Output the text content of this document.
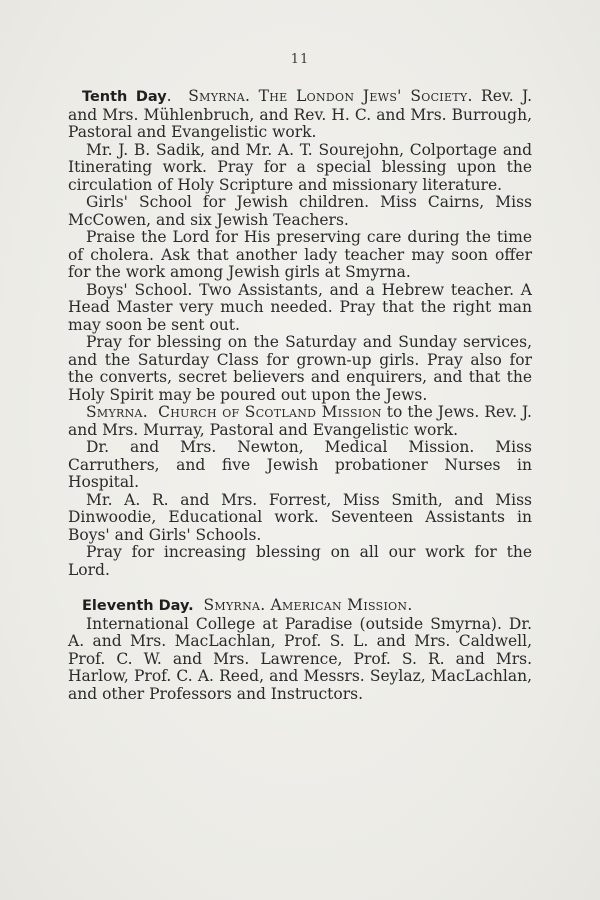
11

Tenth Day.  Smyrna. The London Jews' Society. Rev. J. and Mrs. Mühlenbruch, and Rev. H. C. and Mrs. Burrough, Pastoral and Evangelistic work.

Mr. J. B. Sadik, and Mr. A. T. Sourejohn, Colportage and Itinerating work. Pray for a special blessing upon the circulation of Holy Scripture and missionary literature.

Girls' School for Jewish children. Miss Cairns, Miss McCowen, and six Jewish Teachers.

Praise the Lord for His preserving care during the time of cholera. Ask that another lady teacher may soon offer for the work among Jewish girls at Smyrna.

Boys' School. Two Assistants, and a Hebrew teacher. A Head Master very much needed. Pray that the right man may soon be sent out.

Pray for blessing on the Saturday and Sunday services, and the Saturday Class for grown-up girls. Pray also for the converts, secret believers and enquirers, and that the Holy Spirit may be poured out upon the Jews.

Smyrna. Church of Scotland Mission to the Jews. Rev. J. and Mrs. Murray, Pastoral and Evangelistic work.

Dr. and Mrs. Newton, Medical Mission. Miss Carruthers, and five Jewish probationer Nurses in Hospital.

Mr. A. R. and Mrs. Forrest, Miss Smith, and Miss Dinwoodie, Educational work. Seventeen Assistants in Boys' and Girls' Schools.

Pray for increasing blessing on all our work for the Lord.

Eleventh Day. Smyrna. American Mission.

International College at Paradise (outside Smyrna). Dr. A. and Mrs. MacLachlan, Prof. S. L. and Mrs. Caldwell, Prof. C. W. and Mrs. Lawrence, Prof. S. R. and Mrs. Harlow, Prof. C. A. Reed, and Messrs. Seylaz, MacLachlan, and other Professors and Instructors.
